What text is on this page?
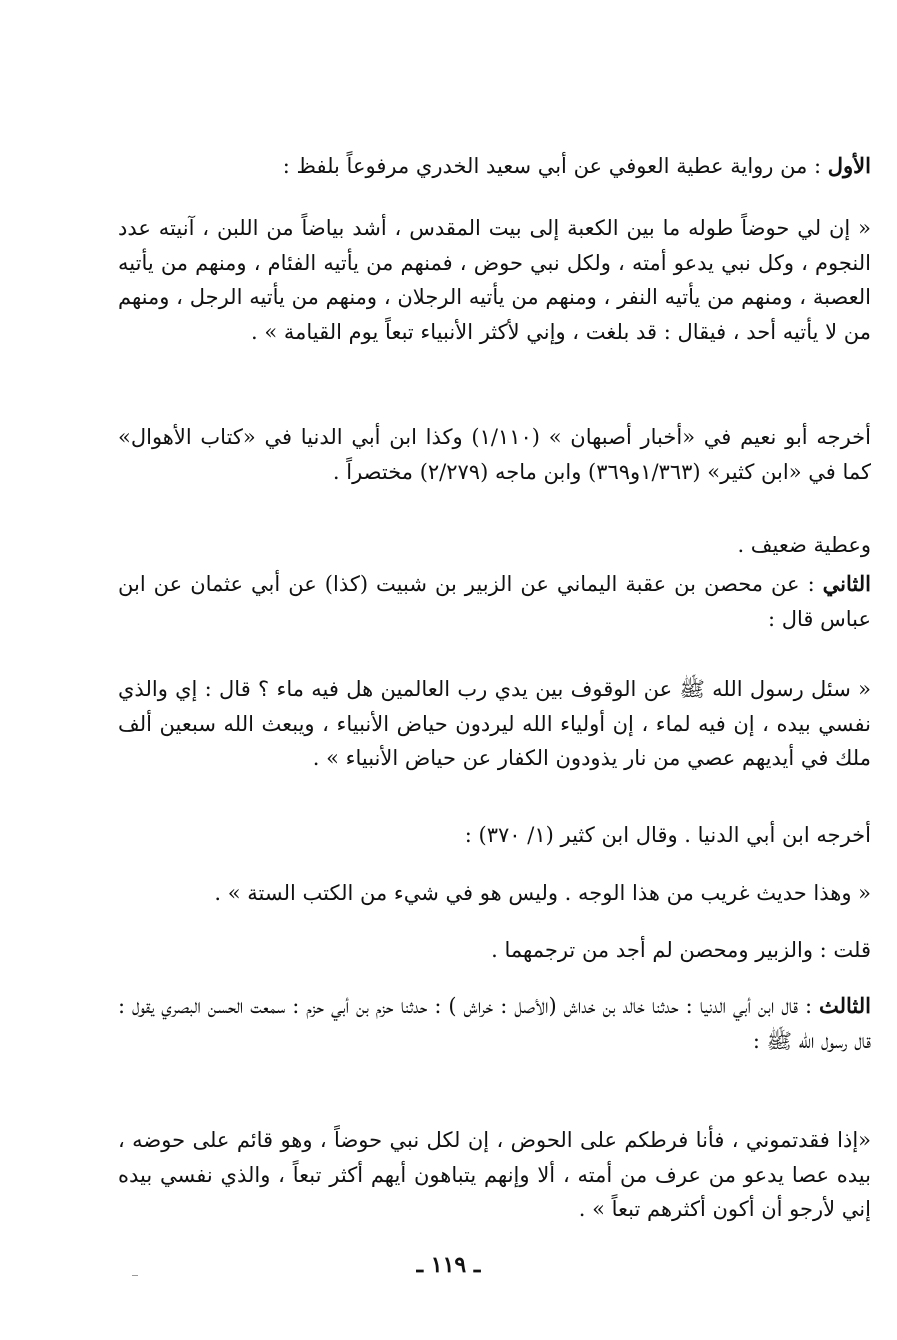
الأول : من رواية عطية العوفي عن أبي سعيد الخدري مرفوعاً بلفظ :

« إن لي حوضاً طوله ما بين الكعبة إلى بيت المقدس ، أشد بياضاً من اللبن ، آنيته عدد النجوم ، وكل نبي يدعو أمته ، ولكل نبي حوض ، فمنهم من يأتيه الفئام ، ومنهم من يأتيه العصبة ، ومنهم من يأتيه النفر ، ومنهم من يأتيه الرجلان ، ومنهم من يأتيه الرجل ، ومنهم من لا يأتيه أحد ، فيقال : قد بلغت ، وإني لأكثر الأنبياء تبعاً يوم القيامة » .

أخرجه أبو نعيم في «أخبار أصبهان » (١/١١٠) وكذا ابن أبي الدنيا في «كتاب الأهوال» كما في «ابن كثير» (١/٣٦٣و٣٦٩) وابن ماجه (٢/٢٧٩) مختصراً .

وعطية ضعيف .

الثاني : عن محصن بن عقبة اليماني عن الزبير بن شبيت (كذا) عن أبي عثمان عن ابن عباس قال :

« سئل رسول الله ﷺ عن الوقوف بين يدي رب العالمين هل فيه ماء ؟ قال : إي والذي نفسي بيده ، إن فيه لماء ، إن أولياء الله ليردون حياض الأنبياء ، ويبعث الله سبعين ألف ملك في أيديهم عصي من نار يذودون الكفار عن حياض الأنبياء » .

أخرجه ابن أبي الدنيا . وقال ابن كثير (١/ ٣٧٠) :

« وهذا حديث غريب من هذا الوجه . وليس هو في شيء من الكتب الستة » .

قلت : والزبير ومحصن لم أجد من ترجمهما .

الثالث : قال ابن أبي الدنيا : حدثنا خالد بن خداش (الأصل : خراش ) : حدثنا حزم بن أبي حزم : سمعت الحسن البصري يقول : قال رسول الله ﷺ :

«إذا فقدتموني ، فأنا فرطكم على الحوض ، إن لكل نبي حوضاً ، وهو قائم على حوضه ، بيده عصا يدعو من عرف من أمته ، ألا وإنهم يتباهون أيهم أكثر تبعاً ، والذي نفسي بيده إني لأرجو أن أكون أكثرهم تبعاً » .

ـ ١١٩ ـ
